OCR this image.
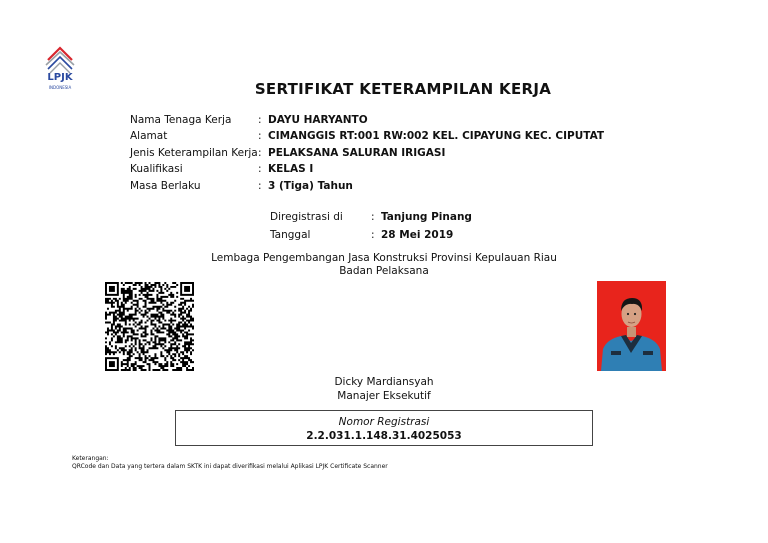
LPJK
INDONESIA	SERTIFIKAT KETERAMPILAN KERJA
Nama Tenaga Kerja	: DAYU HARYANTO
Alamat	: CIMANGGIS RT:001 RW:002 KEL. CIPAYUNG KEC. CIPUTAT
Jenis Keterampilan Kerja: PELAKSANA SALURAN IRIGASI
Kualifikasi	: KELAS I
Masa Berlaku	: 3 (Tiga) Tahun
Diregistrasi di	: Tanjung Pinang
Tanggal	: 28 Mei 2019
Lembaga Pengembangan Jasa Konstruksi Provinsi Kepulauan Riau
Badan Pelaksana
Dicky Mardiansyah
Manajer Eksekutif
Nomor Registrasi
2.2.031.1.148.31.4025053
Keterangan:
QRCode dan Data yang tertera dalam SKTK ini dapat diverifikasi melalui Aplikasi LPJK Certificate Scanner
